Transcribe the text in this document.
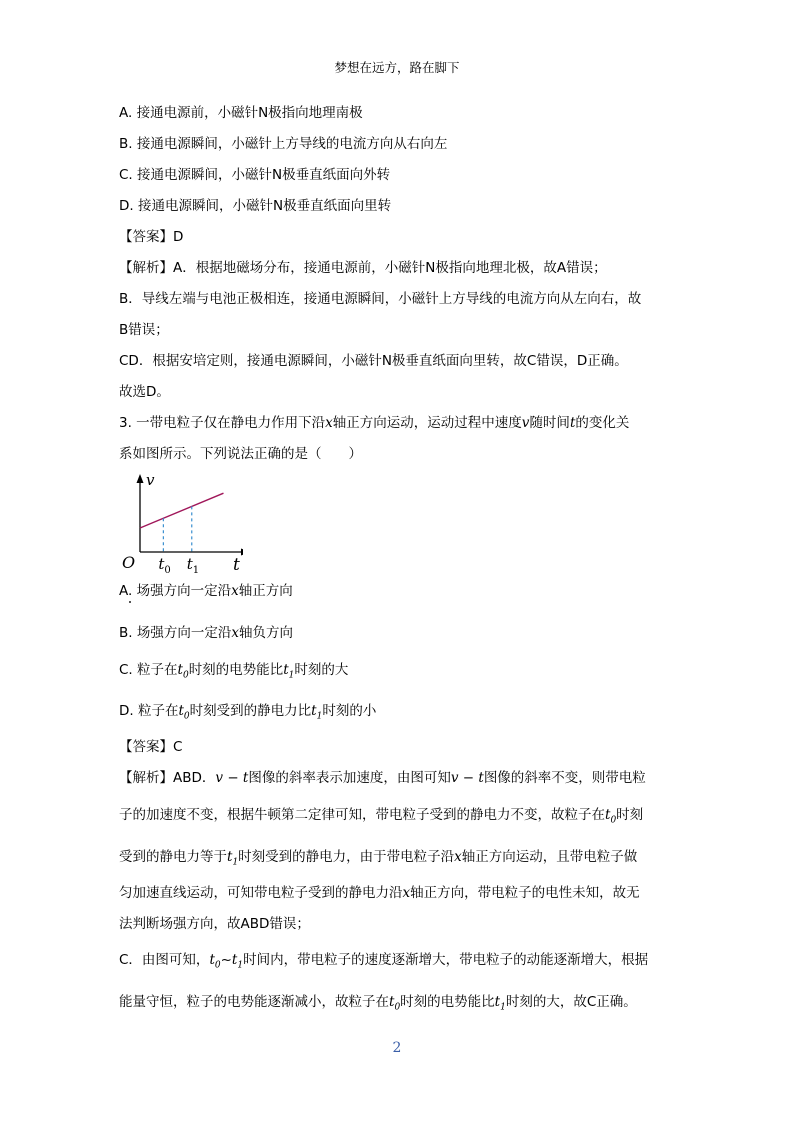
梦想在远方，路在脚下
A. 接通电源前，小磁针N极指向地理南极
B. 接通电源瞬间，小磁针上方导线的电流方向从右向左
C. 接通电源瞬间，小磁针N极垂直纸面向外转
D. 接通电源瞬间，小磁针N极垂直纸面向里转
【答案】D
【解析】A．根据地磁场分布，接通电源前，小磁针N极指向地理北极，故A错误；
B．导线左端与电池正极相连，接通电源瞬间，小磁针上方导线的电流方向从左向右，故
B错误；
CD．根据安培定则，接通电源瞬间，小磁针N极垂直纸面向里转，故C错误，D正确。
故选D。
3. 一带电粒子仅在静电力作用下沿x轴正方向运动，运动过程中速度v随时间t的变化关
系如图所示。下列说法正确的是（　　）
v
t
O $t_0$ $t_1$
A. 场强方向一定沿x轴正方向
B. 场强方向一定沿x轴负方向
C. 粒子在$t_0$时刻的电势能比$t_1$时刻的大
D. 粒子在$t_0$时刻受到的静电力比$t_1$时刻的小
【答案】C
【解析】ABD．v − t图像的斜率表示加速度，由图可知v − t图像的斜率不变，则带电粒
子的加速度不变，根据牛顿第二定律可知，带电粒子受到的静电力不变，故粒子在$t_0$时刻
受到的静电力等于$t_1$时刻受到的静电力，由于带电粒子沿x轴正方向运动，且带电粒子做
匀加速直线运动，可知带电粒子受到的静电力沿x轴正方向，带电粒子的电性未知，故无
法判断场强方向，故ABD错误；
C．由图可知，$t_0\sim t_1$时间内，带电粒子的速度逐渐增大，带电粒子的动能逐渐增大，根据
能量守恒，粒子的电势能逐渐减小，故粒子在$t_0$时刻的电势能比$t_1$时刻的大，故C正确。
2
